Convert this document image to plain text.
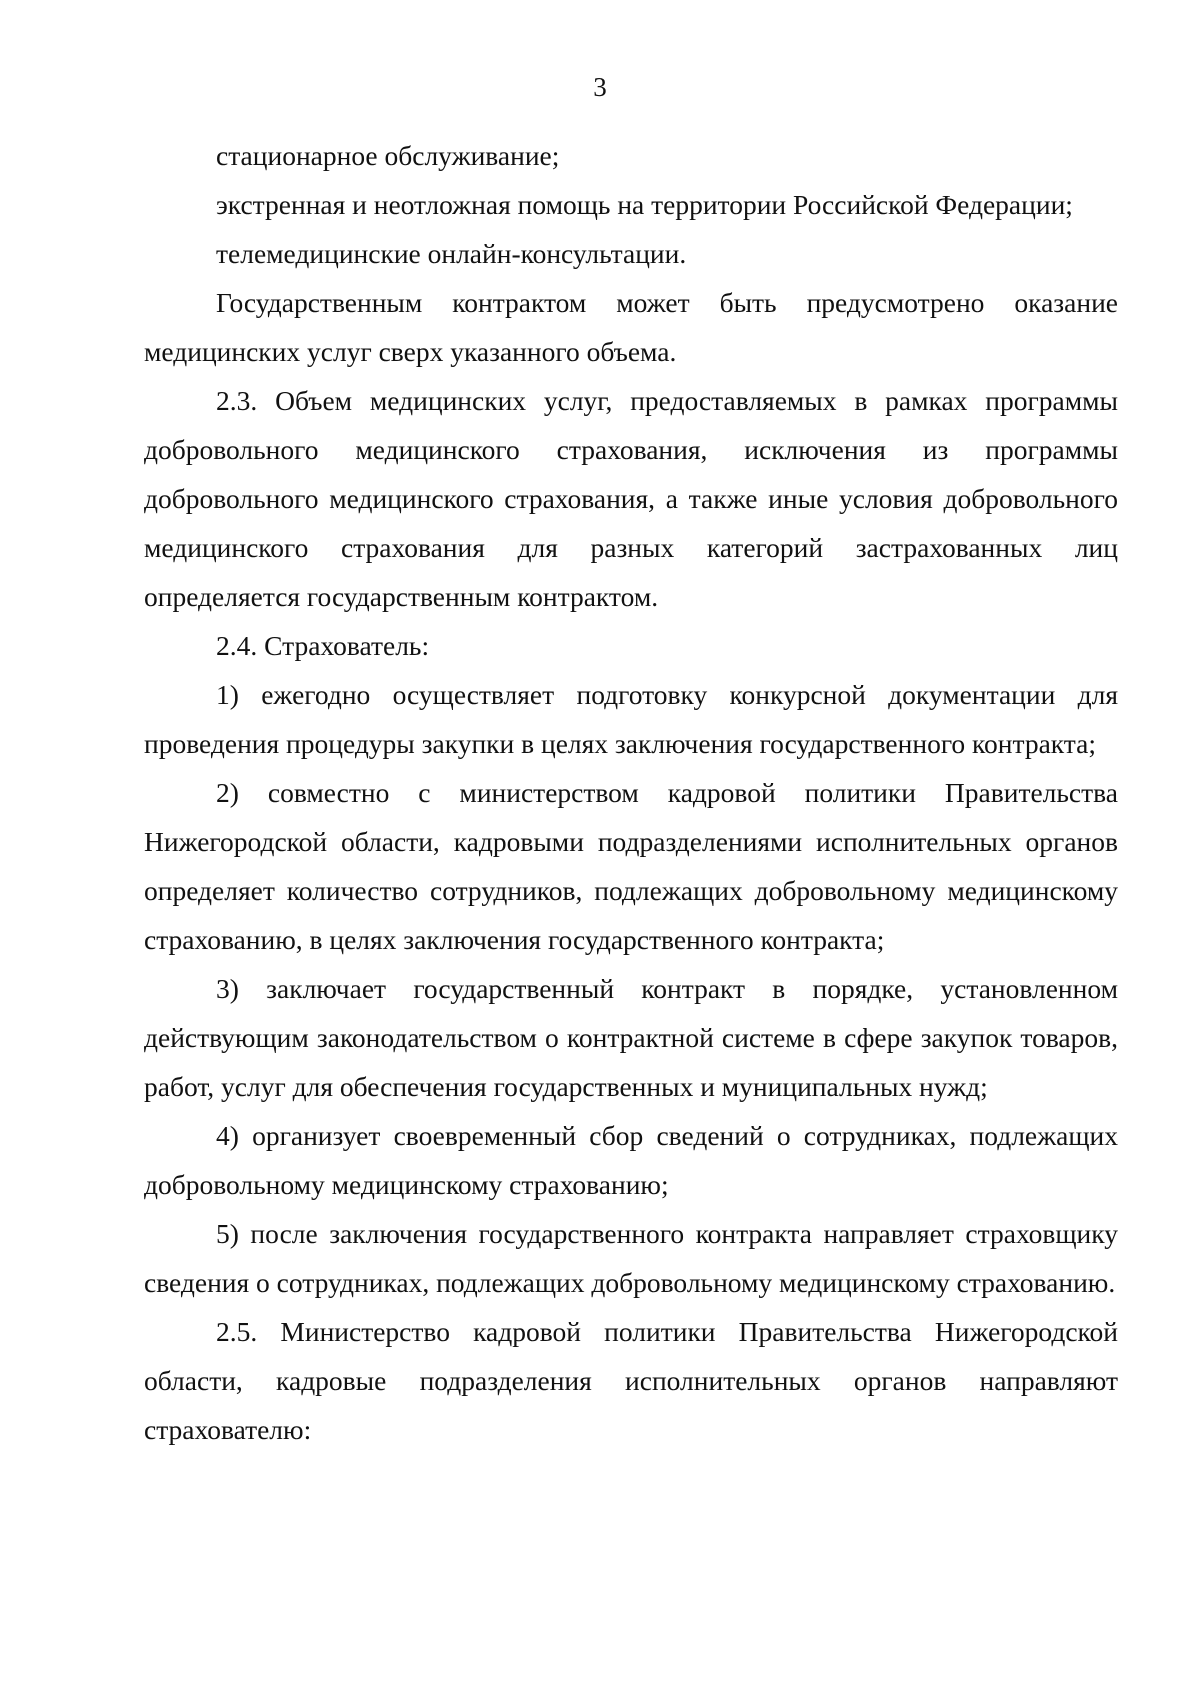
3

стационарное обслуживание;

экстренная и неотложная помощь на территории Российской Федерации;

телемедицинские онлайн-консультации.

Государственным контрактом может быть предусмотрено оказание медицинских услуг сверх указанного объема.

2.3. Объем медицинских услуг, предоставляемых в рамках программы добровольного медицинского страхования, исключения из программы добровольного медицинского страхования, а также иные условия добровольного медицинского страхования для разных категорий застрахованных лиц определяется государственным контрактом.

2.4. Страхователь:

1) ежегодно осуществляет подготовку конкурсной документации для проведения процедуры закупки в целях заключения государственного контракта;

2) совместно с министерством кадровой политики Правительства Нижегородской области, кадровыми подразделениями исполнительных органов определяет количество сотрудников, подлежащих добровольному медицинскому страхованию, в целях заключения государственного контракта;

3) заключает государственный контракт в порядке, установленном действующим законодательством о контрактной системе в сфере закупок товаров, работ, услуг для обеспечения государственных и муниципальных нужд;

4) организует своевременный сбор сведений о сотрудниках, подлежащих добровольному медицинскому страхованию;

5) после заключения государственного контракта направляет страховщику сведения о сотрудниках, подлежащих добровольному медицинскому страхованию.

2.5. Министерство кадровой политики Правительства Нижегородской области, кадровые подразделения исполнительных органов направляют страхователю:
